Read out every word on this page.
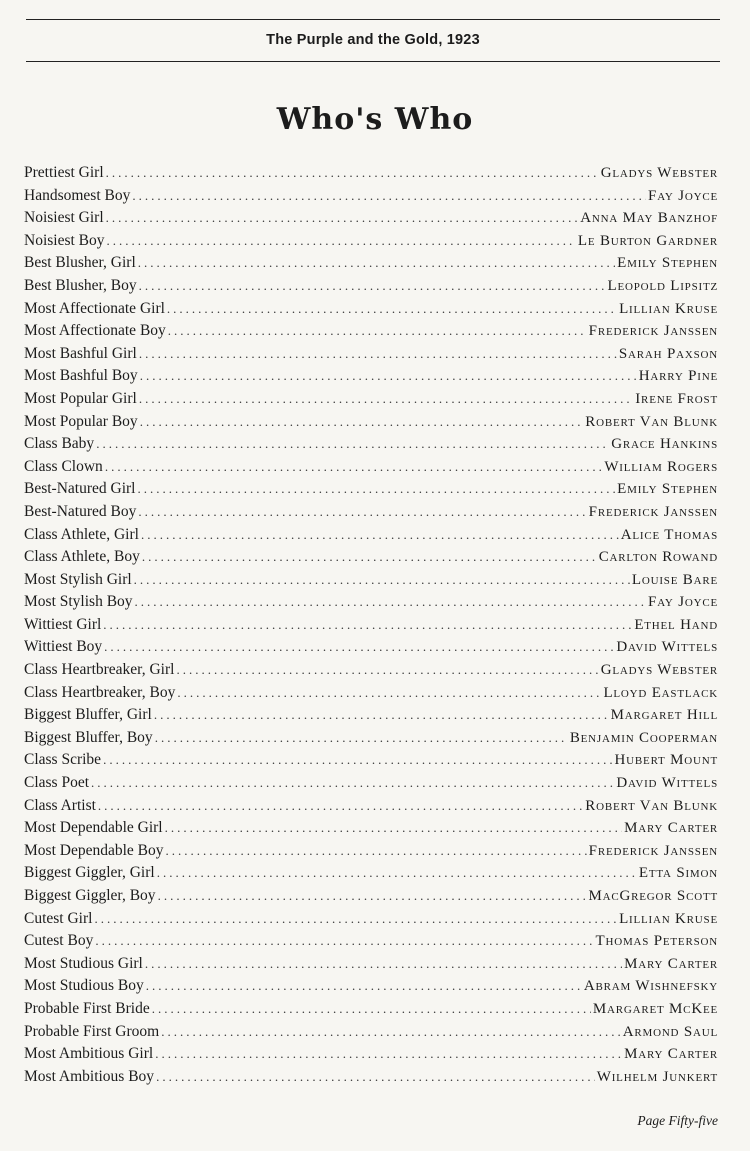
The Purple and the Gold, 1923
Who's Who
Prettiest Girl .....	Gladys Webster
Handsomest Boy .....	Fay Joyce
Noisiest Girl .....	Anna May Banzhof
Noisiest Boy .....	Le Burton Gardner
Best Blusher, Girl .....	Emily Stephen
Best Blusher, Boy .....	Leopold Lipsitz
Most Affectionate Girl .....	Lillian Kruse
Most Affectionate Boy .....	Frederick Janssen
Most Bashful Girl .....	Sarah Paxson
Most Bashful Boy .....	Harry Pine
Most Popular Girl .....	Irene Frost
Most Popular Boy .....	Robert Van Blunk
Class Baby .....	Grace Hankins
Class Clown .....	William Rogers
Best-Natured Girl .....	Emily Stephen
Best-Natured Boy .....	Frederick Janssen
Class Athlete, Girl .....	Alice Thomas
Class Athlete, Boy .....	Carlton Rowand
Most Stylish Girl .....	Louise Bare
Most Stylish Boy .....	Fay Joyce
Wittiest Girl .....	Ethel Hand
Wittiest Boy .....	David Wittels
Class Heartbreaker, Girl .....	Gladys Webster
Class Heartbreaker, Boy .....	Lloyd Eastlack
Biggest Bluffer, Girl .....	Margaret Hill
Biggest Bluffer, Boy .....	Benjamin Cooperman
Class Scribe .....	Hubert Mount
Class Poet .....	David Wittels
Class Artist .....	Robert Van Blunk
Most Dependable Girl .....	Mary Carter
Most Dependable Boy .....	Frederick Janssen
Biggest Giggler, Girl .....	Etta Simon
Biggest Giggler, Boy .....	MacGregor Scott
Cutest Girl .....	Lillian Kruse
Cutest Boy .....	Thomas Peterson
Most Studious Girl .....	Mary Carter
Most Studious Boy .....	Abram Wishnefsky
Probable First Bride .....	Margaret McKee
Probable First Groom .....	Armond Saul
Most Ambitious Girl .....	Mary Carter
Most Ambitious Boy .....	Wilhelm Junkert
Page Fifty-five
